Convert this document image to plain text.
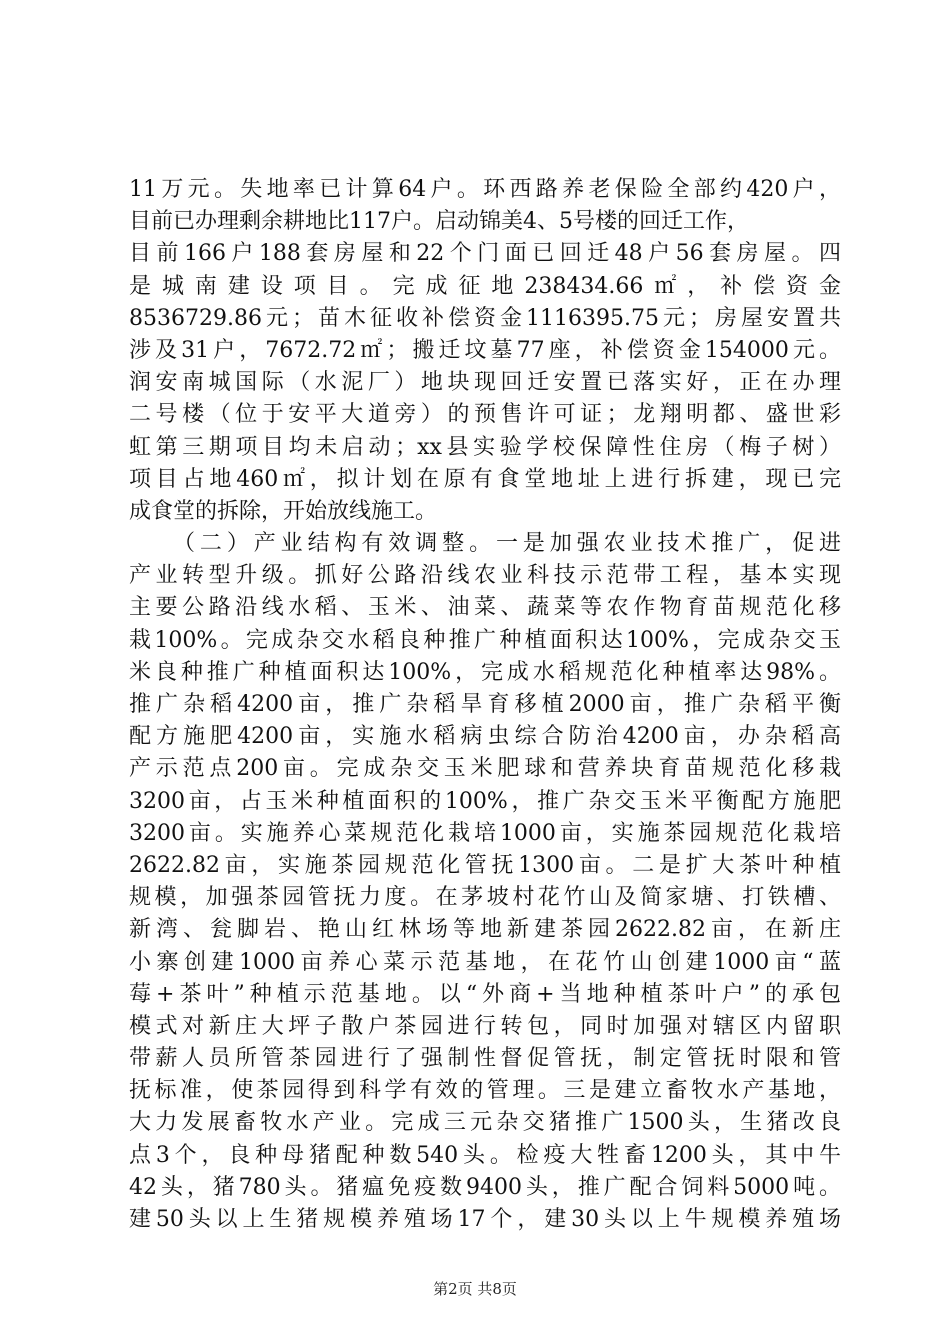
11万元。失地率已计算64户。环西路养老保险全部约420户，
目前已办理剩余耕地比117户。启动锦美4、5号楼的回迁工作，
目前166户188套房屋和22个门面已回迁48户56套房屋。四
是城南建设项目。完成征地238434.66㎡，补偿资金
8536729.86元；苗木征收补偿资金1116395.75元；房屋安置共
涉及31户，7672.72㎡；搬迁坟墓77座，补偿资金154000元。
润安南城国际（水泥厂）地块现回迁安置已落实好，正在办理
二号楼（位于安平大道旁）的预售许可证；龙翔明都、盛世彩
虹第三期项目均未启动；xx县实验学校保障性住房（梅子树）
项目占地460㎡，拟计划在原有食堂地址上进行拆建，现已完
成食堂的拆除，开始放线施工。
（二）产业结构有效调整。一是加强农业技术推广，促进
产业转型升级。抓好公路沿线农业科技示范带工程，基本实现
主要公路沿线水稻、玉米、油菜、蔬菜等农作物育苗规范化移
栽100%。完成杂交水稻良种推广种植面积达100%，完成杂交玉
米良种推广种植面积达100%，完成水稻规范化种植率达98%。
推广杂稻4200亩，推广杂稻旱育移植2000亩，推广杂稻平衡
配方施肥4200亩，实施水稻病虫综合防治4200亩，办杂稻高
产示范点200亩。完成杂交玉米肥球和营养块育苗规范化移栽
3200亩，占玉米种植面积的100%，推广杂交玉米平衡配方施肥
3200亩。实施养心菜规范化栽培1000亩，实施茶园规范化栽培
2622.82亩，实施茶园规范化管抚1300亩。二是扩大茶叶种植
规模，加强茶园管抚力度。在茅坡村花竹山及简家塘、打铁槽、
新湾、瓮脚岩、艳山红林场等地新建茶园2622.82亩，在新庄
小寨创建1000亩养心菜示范基地，在花竹山创建1000亩“蓝
莓+茶叶”种植示范基地。以“外商+当地种植茶叶户”的承包
模式对新庄大坪子散户茶园进行转包，同时加强对辖区内留职
带薪人员所管茶园进行了强制性督促管抚，制定管抚时限和管
抚标准，使茶园得到科学有效的管理。三是建立畜牧水产基地，
大力发展畜牧水产业。完成三元杂交猪推广1500头，生猪改良
点3个，良种母猪配种数540头。检疫大牲畜1200头，其中牛
42头，猪780头。猪瘟免疫数9400头，推广配合饲料5000吨。
建50头以上生猪规模养殖场17个，建30头以上牛规模养殖场
第2页 共8页
